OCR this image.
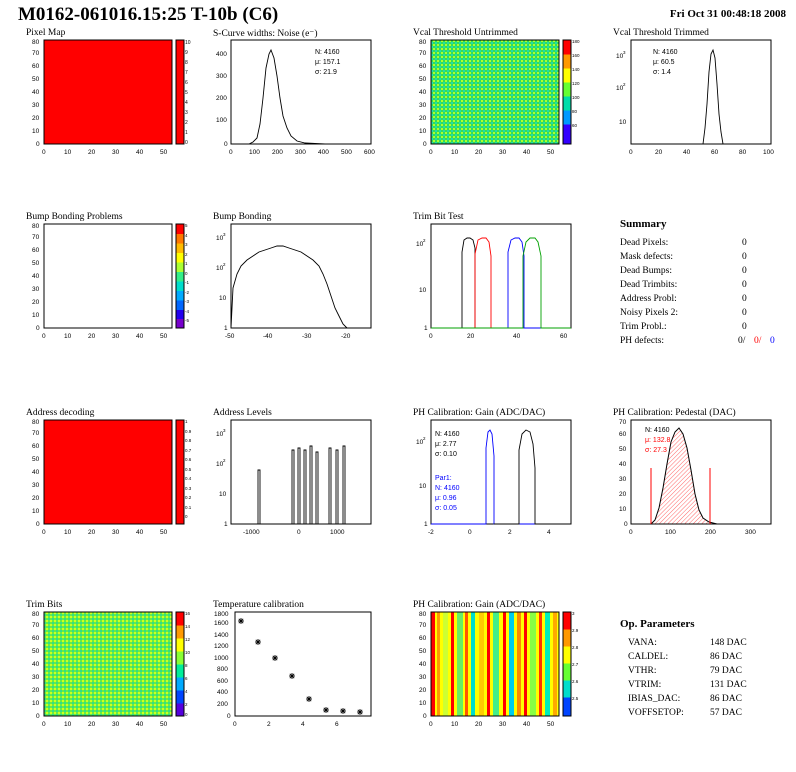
M0162-061016.15:25 T-10b (C6)	Fri Oct 31 00:48:18 2008
Pixel Map
0	10	20	30	40	50
0
10
20
30
40
50
60
70
80	10
9
8
7
6
5
4
3
2
1
0
S-Curve widths: Noise (e⁻)
0	100 200 300 400 500 600
0
100
200
300
400	N: 4160
μ: 157.1
σ: 21.9
Vcal Threshold Untrimmed
0	10	20	30	40	50
0
10
20
30
40
50
60
70
80	180
160
140
120
100
80
60
Vcal Threshold Trimmed
0	20	40	60	80	100
10
10
10
2
3	N: 4160
μ: 60.5
σ: 1.4
Bump Bonding Problems
0	10	20	30	40	50
0
10
20
30
40
50
60
70
80	5
4
3
2
1
0
-1
-2
-3
-4
-5
Bump Bonding
-50	-40	-30	-20
1
10
10
10
2
3
Trim Bit Test
0	20	40	60
1
10
10
2
Summary
Dead Pixels:	0
Mask defects:	0
Dead Bumps:	0
Dead Trimbits:	0
Address Probl:	0
Noisy Pixels 2:	0
Trim Probl.:	0
PH defects:	0/ 0/ 0
Address decoding
0	10	20	30	40	50
0
10
20
30
40
50
60
70
80	1
0.9
0.8
0.7
0.6
0.5
0.4
0.3
0.2
0.1
0
Address Levels
-1000	0	1000
1
10
10
10
2
3
PH Calibration: Gain (ADC/DAC)
-2	0	2	4
1
10
10
2
N: 4160
μ: 2.77
σ: 0.10
Par1:
N: 4160
μ: 0.96
σ: 0.05
PH Calibration: Pedestal (DAC)
0	100	200	300
0
10
20
30
40
50
60
70
N: 4160
μ: 132.8
σ: 27.3
Trim Bits
0	10	20	30	40	50
0
10
20
30
40
50
60
70
80	16
14
12
10
8
6
4
2
0
Temperature calibration
0	2	4	6
0
200
400
600
800
1000
1200
1400
1600
1800
PH Calibration: Gain (ADC/DAC)
0	10	20	30	40	50
0
10
20
30
40
50
60
70
80	3
2.9
2.8
2.7
2.6
2.5
Op. Parameters
VANA:	148 DAC
CALDEL:	86 DAC
VTHR:	79 DAC
VTRIM:	131 DAC
IBIAS_DAC:	86 DAC
VOFFSETOP:	57 DAC
